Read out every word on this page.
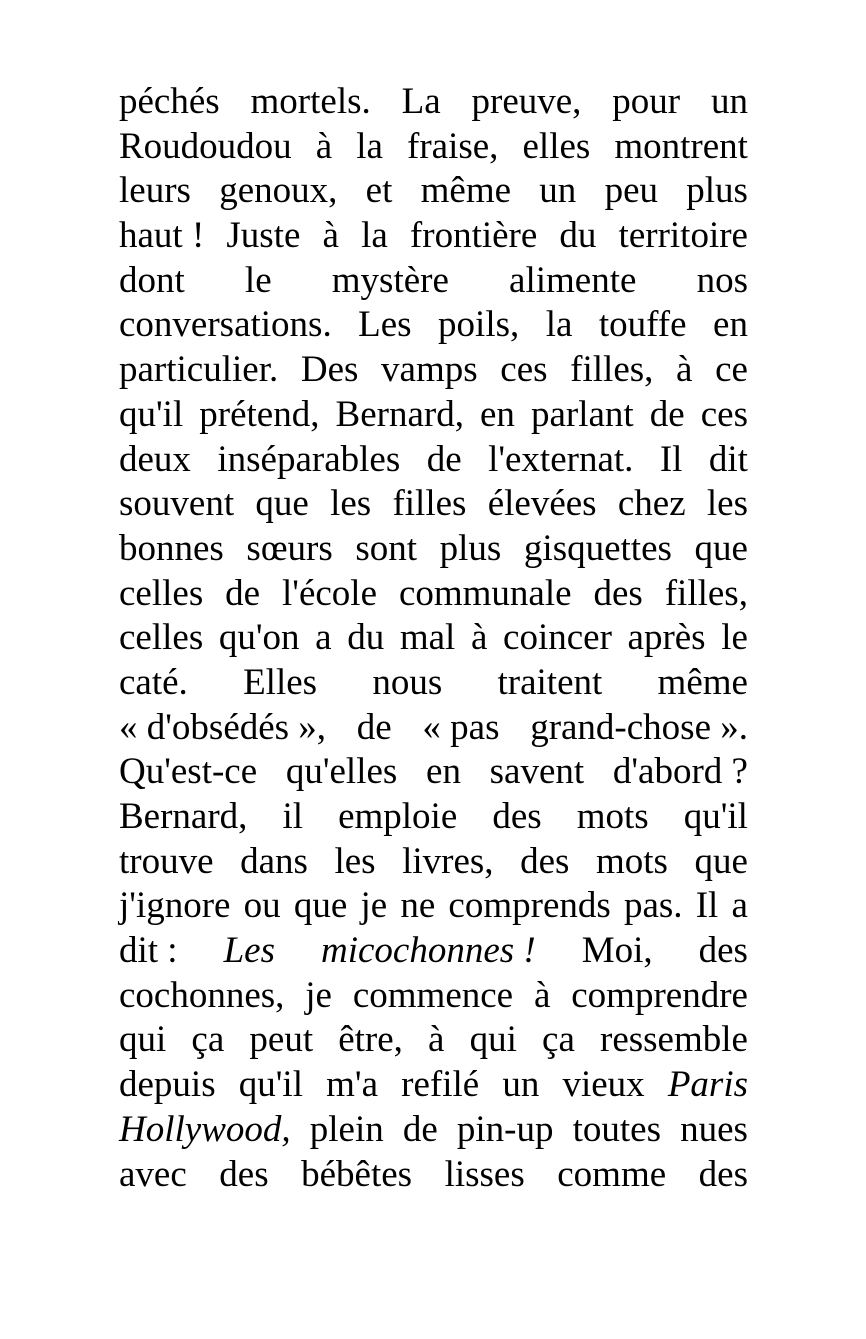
péchés mortels. La preuve, pour un
Roudoudou à la fraise, elles montrent
leurs genoux, et même un peu plus
haut ! Juste à la frontière du territoire
dont le mystère alimente nos
conversations. Les poils, la touffe en
particulier. Des vamps ces filles, à ce
qu'il prétend, Bernard, en parlant de ces
deux inséparables de l'externat. Il dit
souvent que les filles élevées chez les
bonnes sœurs sont plus gisquettes que
celles de l'école communale des filles,
celles qu'on a du mal à coincer après le
caté. Elles nous traitent même
« d'obsédés », de « pas grand-chose ».
Qu'est-ce qu'elles en savent d'abord ?
Bernard, il emploie des mots qu'il
trouve dans les livres, des mots que
j'ignore ou que je ne comprends pas. Il a
dit : Les micochonnes ! Moi, des
cochonnes, je commence à comprendre
qui ça peut être, à qui ça ressemble
depuis qu'il m'a refilé un vieux Paris
Hollywood, plein de pin-up toutes nues
avec des bébêtes lisses comme des
